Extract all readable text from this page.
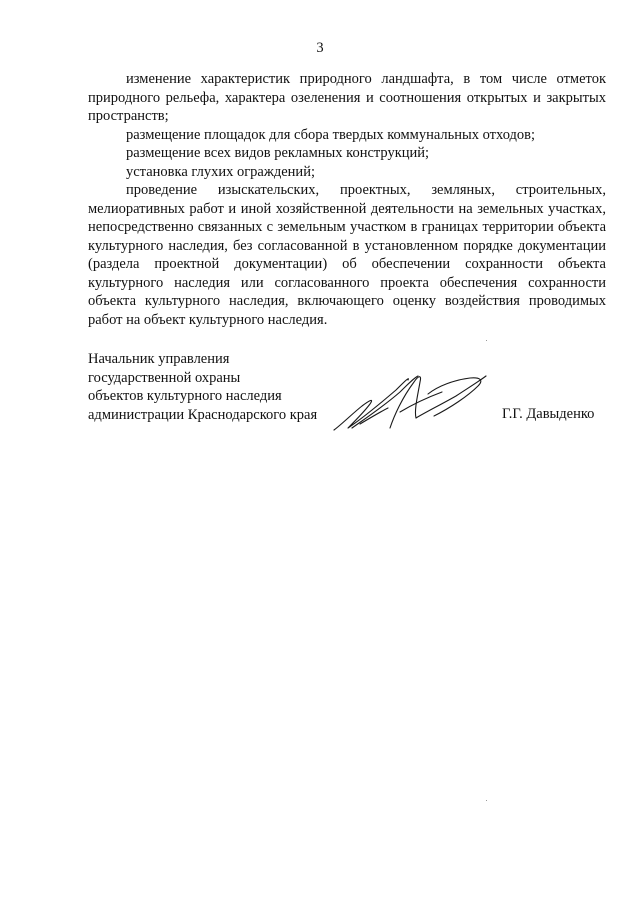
3

изменение характеристик природного ландшафта, в том числе отметок природного рельефа, характера озеленения и соотношения открытых и закрытых пространств;

размещение площадок для сбора твердых коммунальных отходов;

размещение всех видов рекламных конструкций;

установка глухих ограждений;

проведение изыскательских, проектных, земляных, строительных, мелиоративных работ и иной хозяйственной деятельности на земельных участках, непосредственно связанных с земельным участком в границах территории объекта культурного наследия, без согласованной в установленном порядке документации (раздела проектной документации) об обеспечении сохранности объекта культурного наследия или согласованного проекта обеспечения сохранности объекта культурного наследия, включающего оценку воздействия проводимых работ на объект культурного наследия.

Начальник управления
государственной охраны
объектов культурного наследия
администрации Краснодарского края	Г.Г. Давыденко
